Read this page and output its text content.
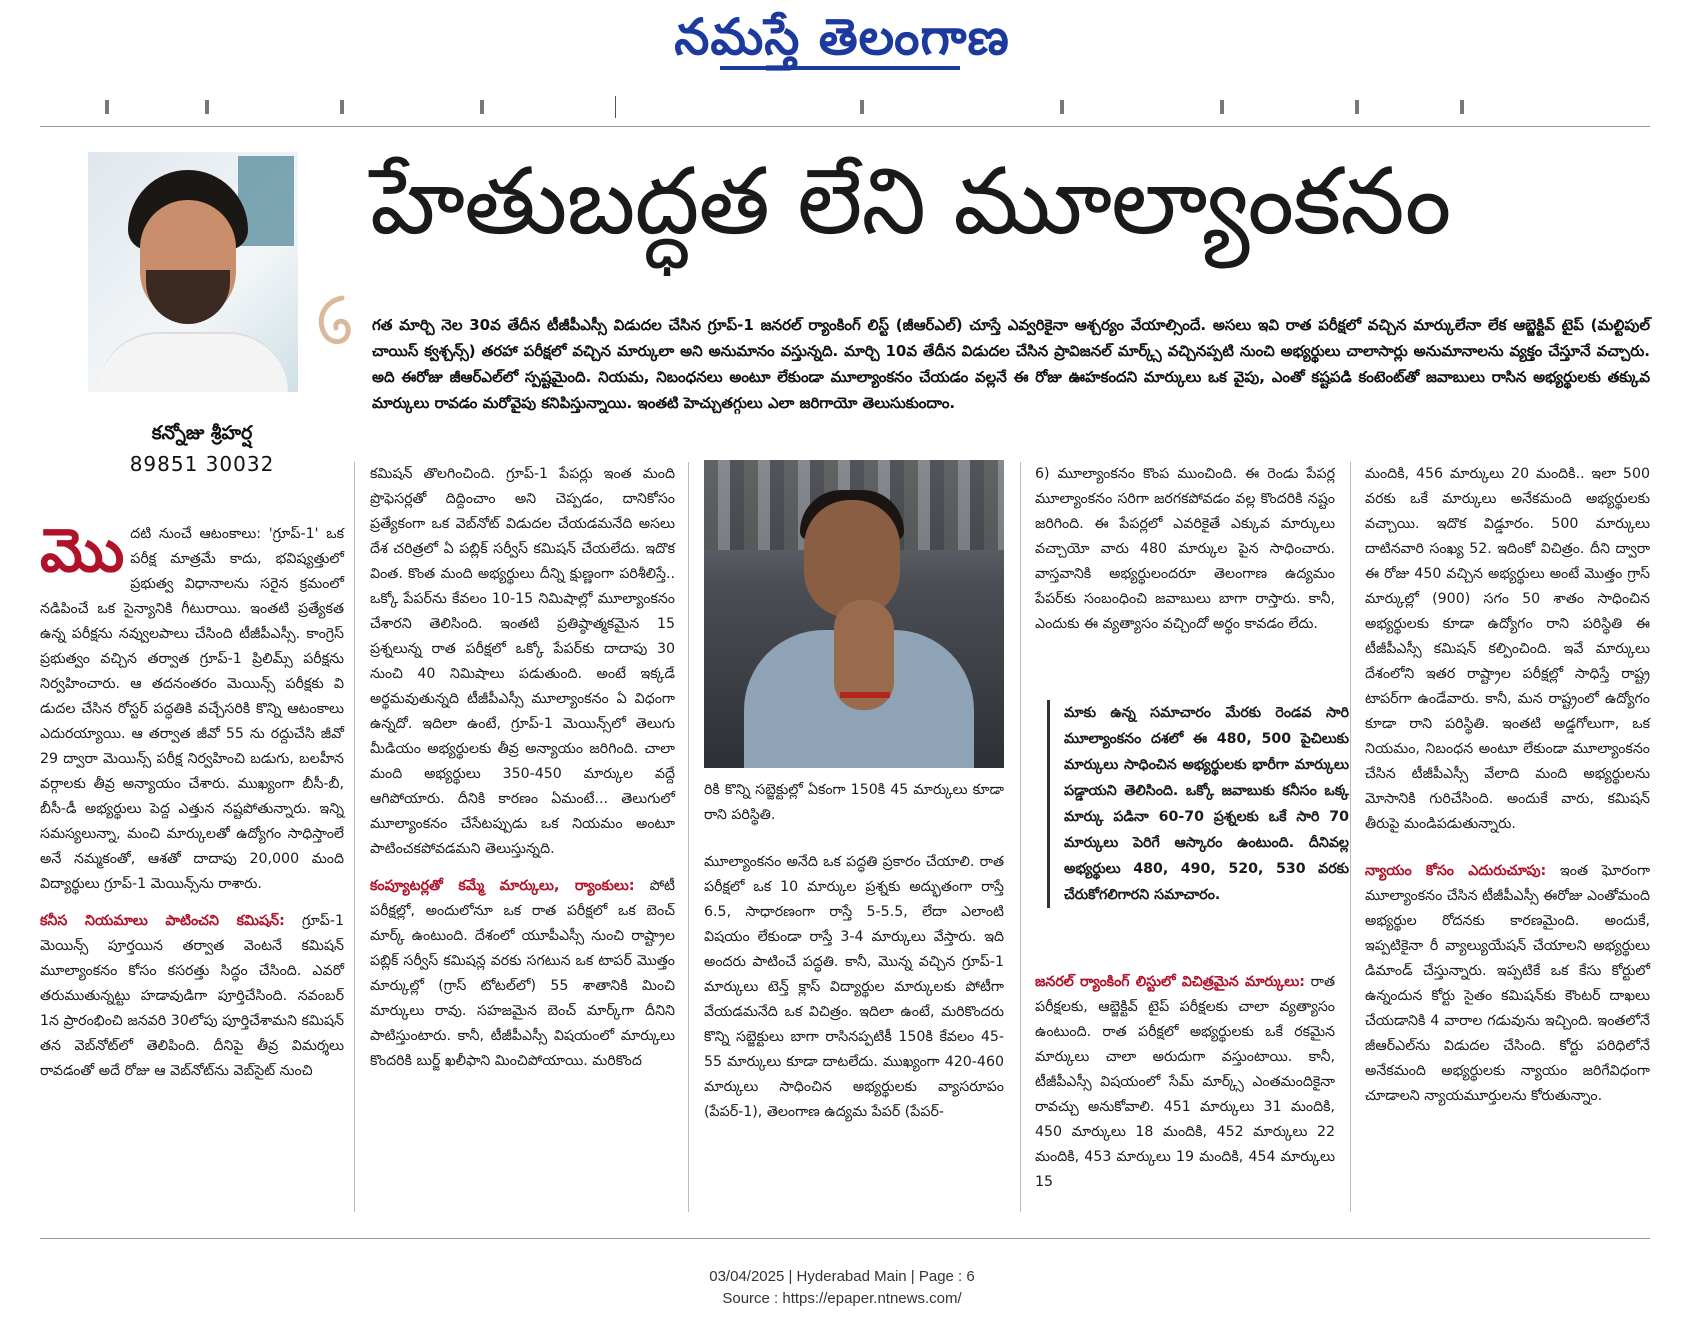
నమస్తే తెలంగాణ
హేతుబద్ధత లేని మూల్యాంకనం
గత మార్చి నెల 30వ తేదీన టీజీపీఎస్సీ విడుదల చేసిన గ్రూప్-1 జనరల్ ర్యాంకింగ్ లిస్ట్ (జీఆర్ఎల్) చూస్తే ఎవ్వరికైనా ఆశ్చర్యం వేయాల్సిందే. అసలు ఇవి రాత పరీక్షలో వచ్చిన మార్కులేనా లేక ఆబ్జెక్టివ్ టైప్ (మల్టిపుల్ చాయిస్ క్వశ్చన్స్) తరహా పరీక్షలో వచ్చిన మార్కులా అని అనుమానం వస్తున్నది. మార్చి 10వ తేదీన విడుదల చేసిన ప్రావిజనల్ మార్క్స్ వచ్చినప్పటి నుంచి అభ్యర్థులు చాలాసార్లు అనుమానాలను వ్యక్తం చేస్తూనే వచ్చారు. అది ఈరోజు జీఆర్ఎల్‌లో స్పష్టమైంది. నియమ, నిబంధనలు అంటూ లేకుండా మూల్యాంకనం చేయడం వల్లనే ఈ రోజు ఊహకందని మార్కులు ఒక వైపు, ఎంతో కష్టపడి కంటెంట్‌తో జవాబులు రాసిన అభ్యర్థులకు తక్కువ మార్కులు రావడం మరోవైపు కనిపిస్తున్నాయి. ఇంతటి హెచ్చుతగ్గులు ఎలా జరిగాయో తెలుసుకుందాం.
కన్నోజు శ్రీహర్ష
89851 30032

మొదటి నుంచే ఆటంకాలు: 'గ్రూప్-1' ఒక పరీక్ష మాత్రమే కాదు, భవిష్యత్తులో ప్రభుత్వ విధానాలను సరైన క్రమంలో నడిపించే ఒక సైన్యానికి గీటురాయి. ఇంతటి ప్రత్యేకత ఉన్న పరీక్షను నవ్వులపాలు చేసింది టీజీపీఎస్సీ. కాంగ్రెస్ ప్రభుత్వం వచ్చిన తర్వాత గ్రూప్-1 ప్రిలిమ్స్ పరీక్షను నిర్వహించారు. ఆ తదనంతరం మెయిన్స్ పరీక్షకు వి డుదల చేసిన రోస్టర్ పద్ధతికి వచ్చేసరికి కొన్ని ఆటంకాలు ఎదురయ్యాయి. ఆ తర్వాత జీవో 55 ను రద్దుచేసి జీవో 29 ద్వారా మెయిన్స్ పరీక్ష నిర్వహించి బడుగు, బలహీన వర్గాలకు తీవ్ర అన్యాయం చేశారు. ముఖ్యంగా బీసీ-బీ, బీసీ-డీ అభ్యర్థులు పెద్ద ఎత్తున నష్టపోతున్నారు. ఇన్ని సమస్యలున్నా, మంచి మార్కులతో ఉద్యోగం సాధిస్తాంలే అనే నమ్మకంతో, ఆశతో దాదాపు 20,000 మంది విద్యార్థులు గ్రూప్-1 మెయిన్స్‌ను రాశారు.

కనీస నియమాలు పాటించని కమిషన్: గ్రూప్-1 మెయిన్స్ పూర్తయిన తర్వాత వెంటనే కమిషన్ మూల్యాంకనం కోసం కసరత్తు సిద్ధం చేసింది. ఎవరో తరుముతున్నట్టు హడావుడిగా పూర్తిచేసింది. నవంబర్ 1న ప్రారంభించి జనవరి 30లోపు పూర్తిచేశామని కమిషన్ తన వెబ్‌నోట్‌లో తెలిపింది. దీనిపై తీవ్ర విమర్శలు రావడంతో అదే రోజు ఆ వెబ్‌నోట్‌ను వెబ్‌సైట్ నుంచి

కమిషన్ తొలగించింది. గ్రూప్-1 పేపర్లు ఇంత మంది ప్రొఫెసర్లతో దిద్దించాం అని చెప్పడం, దానికోసం ప్రత్యేకంగా ఒక వెబ్‌నోట్ విడుదల చేయడమనేది అసలు దేశ చరిత్రలో ఏ పబ్లిక్ సర్వీస్ కమిషన్ చేయలేదు. ఇదొక వింత. కొంత మంది అభ్యర్థులు దీన్ని క్షుణ్ణంగా పరిశీలిస్తే.. ఒక్కో పేపర్‌ను కేవలం 10-15 నిమిషాల్లో మూల్యాంకనం చేశారని తెలిసింది. ఇంతటి ప్రతిష్ఠాత్మకమైన 15 ప్రశ్నలున్న రాత పరీక్షలో ఒక్కో పేపర్‌కు దాదాపు 30 నుంచి 40 నిమిషాలు పడుతుంది. అంటే ఇక్కడే అర్థమవుతున్నది టీజీపీఎస్సీ మూల్యాంకనం ఏ విధంగా ఉన్నదో. ఇదిలా ఉంటే, గ్రూప్-1 మెయిన్స్‌లో తెలుగు మీడియం అభ్యర్థులకు తీవ్ర అన్యాయం జరిగింది. చాలా మంది అభ్యర్థులు 350-450 మార్కుల వద్దే ఆగిపోయారు. దీనికి కారణం ఏమంటే... తెలుగులో మూల్యాంకనం చేసేటప్పుడు ఒక నియమం అంటూ పాటించకపోవడమని తెలుస్తున్నది.

కంప్యూటర్లతో కమ్మే మార్కులు, ర్యాంకులు: పోటీ పరీక్షల్లో, అందులోనూ ఒక రాత పరీక్షలో ఒక బెంచ్ మార్క్ ఉంటుంది. దేశంలో యూపీఎస్సీ నుంచి రాష్ట్రాల పబ్లిక్ సర్వీస్ కమిషన్ల వరకు సగటున ఒక టాపర్ మొత్తం మార్కుల్లో (గ్రాస్ టోటల్‌లో) 55 శాతానికి మించి మార్కులు రావు. సహజమైన బెంచ్ మార్క్‌గా దీనిని పాటిస్తుంటారు. కానీ, టీజీపీఎస్సీ విషయంలో మార్కులు కొందరికి బుర్జ్ ఖలీఫాని మించిపోయాయి. మరికొంద

రికి కొన్ని సబ్జెక్టుల్లో ఏకంగా 150కి 45 మార్కులు కూడా రాని పరిస్థితి.

మూల్యాంకనం అనేది ఒక పద్ధతి ప్రకారం చేయాలి. రాత పరీక్షలో ఒక 10 మార్కుల ప్రశ్నకు అద్భుతంగా రాస్తే 6.5, సాధారణంగా రాస్తే 5-5.5, లేదా ఎలాంటి విషయం లేకుండా రాస్తే 3-4 మార్కులు వేస్తారు. ఇది అందరు పాటించే పద్ధతి. కానీ, మొన్న వచ్చిన గ్రూప్-1 మార్కులు టెన్త్ క్లాస్ విద్యార్థుల మార్కులకు పోటీగా వేయడమనేది ఒక విచిత్రం. ఇదిలా ఉంటే, మరికొందరు కొన్ని సబ్జెక్టులు బాగా రాసినప్పటికీ 150కి కేవలం 45-55 మార్కులు కూడా దాటలేదు. ముఖ్యంగా 420-460 మార్కులు సాధించిన అభ్యర్థులకు వ్యాసరూపం (పేపర్-1), తెలంగాణ ఉద్యమ పేపర్ (పేపర్-

6) మూల్యాంకనం కొంప ముంచింది. ఈ రెండు పేపర్ల మూల్యాంకనం సరిగా జరగకపోవడం వల్ల కొందరికి నష్టం జరిగింది. ఈ పేపర్లలో ఎవరికైతే ఎక్కువ మార్కులు వచ్చాయో వారు 480 మార్కుల పైన సాధించారు. వాస్తవానికి అభ్యర్థులందరూ తెలంగాణ ఉద్యమం పేపర్‌కు సంబంధించి జవాబులు బాగా రాస్తారు. కానీ, ఎందుకు ఈ వ్యత్యాసం వచ్చిందో అర్థం కావడం లేదు.

మాకు ఉన్న సమాచారం మేరకు రెండవ సారి మూల్యాంకనం దశలో ఈ 480, 500 పైచిలుకు మార్కులు సాధించిన అభ్యర్థులకు భారీగా మార్కులు పడ్డాయని తెలిసింది. ఒక్కో జవాబుకు కనీసం ఒక్క మార్కు పడినా 60-70 ప్రశ్నలకు ఒకే సారి 70 మార్కులు పెరిగే ఆస్కారం ఉంటుంది. దీనివల్ల అభ్యర్థులు 480, 490, 520, 530 వరకు చేరుకోగలిగారని సమాచారం.

జనరల్ ర్యాంకింగ్ లిస్టులో విచిత్రమైన మార్కులు: రాత పరీక్షలకు, ఆబ్జెక్టివ్ టైప్ పరీక్షలకు చాలా వ్యత్యాసం ఉంటుంది. రాత పరీక్షలో అభ్యర్థులకు ఒకే రకమైన మార్కులు చాలా అరుదుగా వస్తుంటాయి. కానీ, టీజీపీఎస్సీ విషయంలో సేమ్ మార్క్స్ ఎంతమందికైనా రావచ్చు అనుకోవాలి. 451 మార్కులు 31 మందికి, 450 మార్కులు 18 మందికి, 452 మార్కులు 22 మందికి, 453 మార్కులు 19 మందికి, 454 మార్కులు 15

మందికి, 456 మార్కులు 20 మందికి.. ఇలా 500 వరకు ఒకే మార్కులు అనేకమంది అభ్యర్థులకు వచ్చాయి. ఇదొక విడ్డూరం. 500 మార్కులు దాటినవారి సంఖ్య 52. ఇదింకో విచిత్రం. దీని ద్వారా ఈ రోజు 450 వచ్చిన అభ్యర్థులు అంటే మొత్తం గ్రాస్ మార్కుల్లో (900) సగం 50 శాతం సాధించిన అభ్యర్థులకు కూడా ఉద్యోగం రాని పరిస్థితి ఈ టీజీపీఎస్సీ కమిషన్ కల్పించింది. ఇవే మార్కులు దేశంలోని ఇతర రాష్ట్రాల పరీక్షల్లో సాధిస్తే రాష్ట్ర టాపర్‌గా ఉండేవారు. కానీ, మన రాష్ట్రంలో ఉద్యోగం కూడా రాని పరిస్థితి. ఇంతటి అడ్డగోలుగా, ఒక నియమం, నిబంధన అంటూ లేకుండా మూల్యాంకనం చేసిన టీజీపీఎస్సీ వేలాది మంది అభ్యర్థులను మోసానికి గురిచేసింది. అందుకే వారు, కమిషన్ తీరుపై మండిపడుతున్నారు.

న్యాయం కోసం ఎదురుచూపు: ఇంత ఘోరంగా మూల్యాంకనం చేసిన టీజీపీఎస్సీ ఈరోజు ఎంతోమంది అభ్యర్థుల రోదనకు కారణమైంది. అందుకే, ఇప్పటికైనా రీ వ్యాల్యుయేషన్ చేయాలని అభ్యర్థులు డిమాండ్ చేస్తున్నారు. ఇప్పటికే ఒక కేసు కోర్టులో ఉన్నందున కోర్టు సైతం కమిషన్‌కు కౌంటర్ దాఖలు చేయడానికి 4 వారాల గడువును ఇచ్చింది. ఇంతలోనే జీఆర్ఎల్‌ను విడుదల చేసింది. కోర్టు పరిధిలోనే అనేకమంది అభ్యర్థులకు న్యాయం జరిగేవిధంగా చూడాలని న్యాయమూర్తులను కోరుతున్నాం.

03/04/2025 | Hyderabad Main | Page : 6
Source : https://epaper.ntnews.com/
